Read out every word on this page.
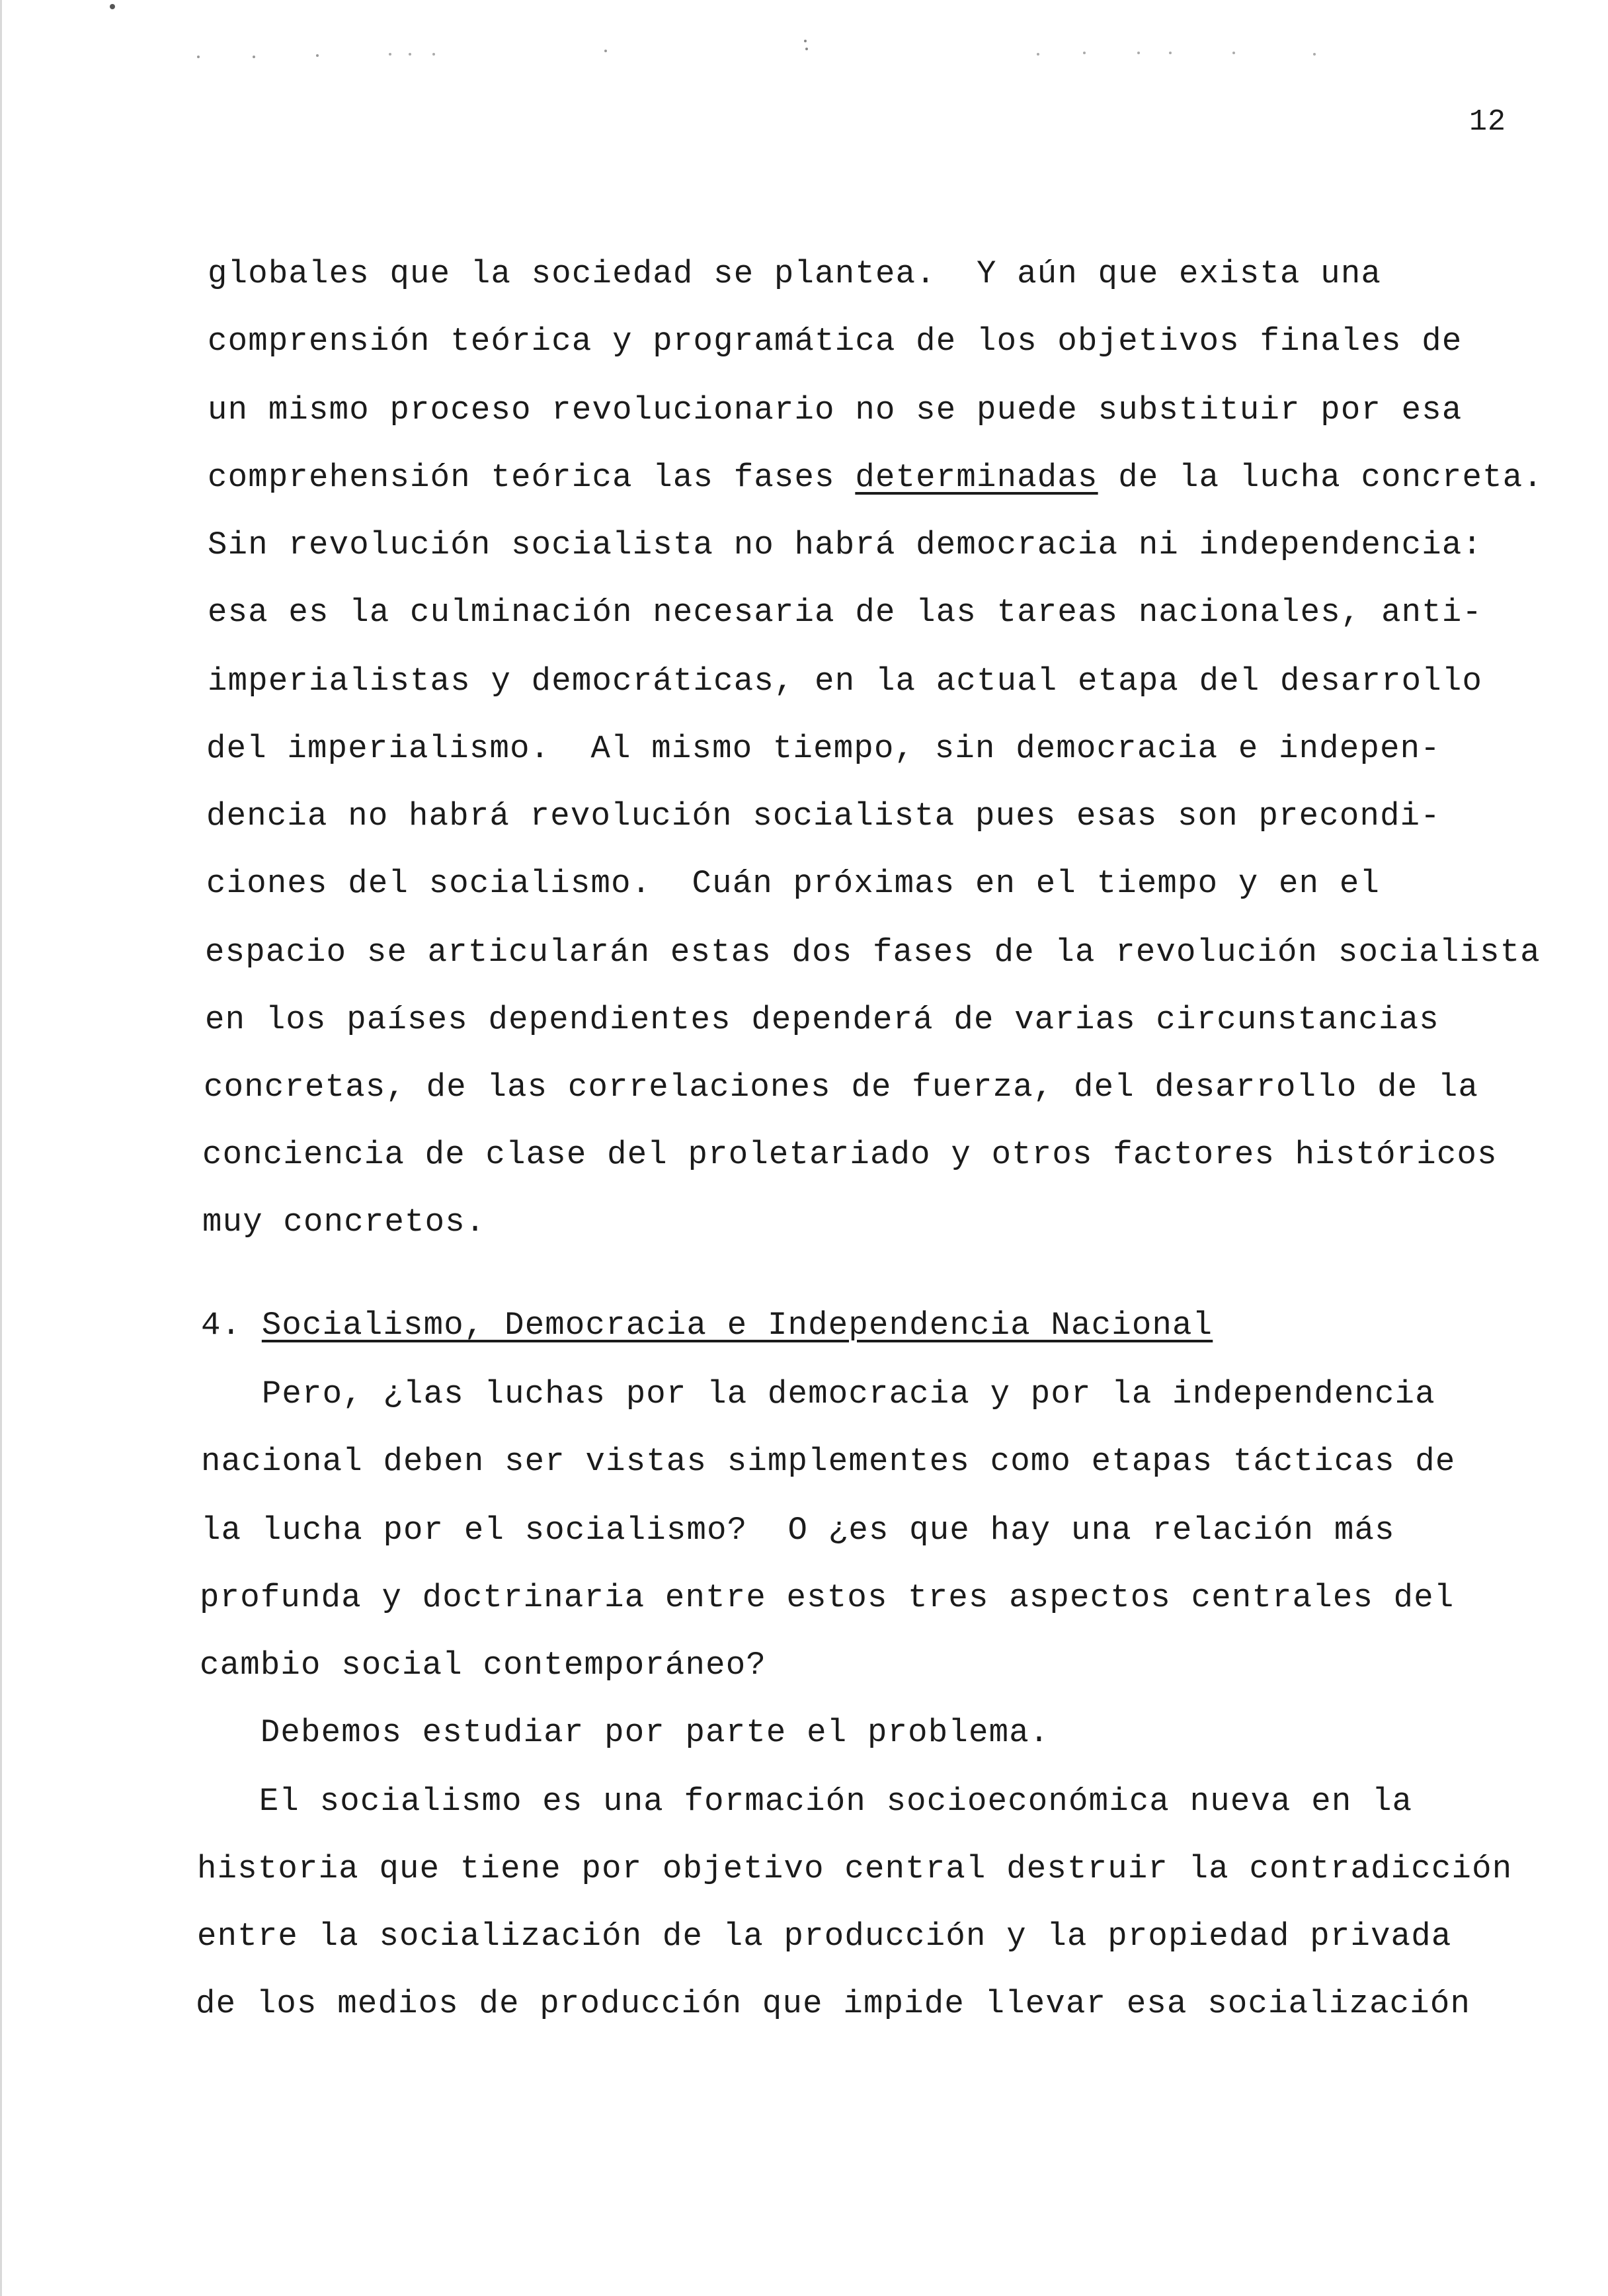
12
globales que la sociedad se plantea.  Y aún que exista una
comprensión teórica y programática de los objetivos finales de
un mismo proceso revolucionario no se puede substituir por esa
comprehensión teórica las fases determinadas de la lucha concreta.
Sin revolución socialista no habrá democracia ni independencia:
esa es la culminación necesaria de las tareas nacionales, anti-
imperialistas y democráticas, en la actual etapa del desarrollo
del imperialismo.  Al mismo tiempo, sin democracia e indepen-
dencia no habrá revolución socialista pues esas son precondi-
ciones del socialismo.  Cuán próximas en el tiempo y en el
espacio se articularán estas dos fases de la revolución socialista
en los países dependientes dependerá de varias circunstancias
concretas, de las correlaciones de fuerza, del desarrollo de la
conciencia de clase del proletariado y otros factores históricos
muy concretos.
4. Socialismo, Democracia e Independencia Nacional
Pero, ¿las luchas por la democracia y por la independencia
nacional deben ser vistas simplementes como etapas tácticas de
la lucha por el socialismo?  O ¿es que hay una relación más
profunda y doctrinaria entre estos tres aspectos centrales del
cambio social contemporáneo?
Debemos estudiar por parte el problema.
El socialismo es una formación socioeconómica nueva en la
historia que tiene por objetivo central destruir la contradicción
entre la socialización de la producción y la propiedad privada
de los medios de producción que impide llevar esa socialización
